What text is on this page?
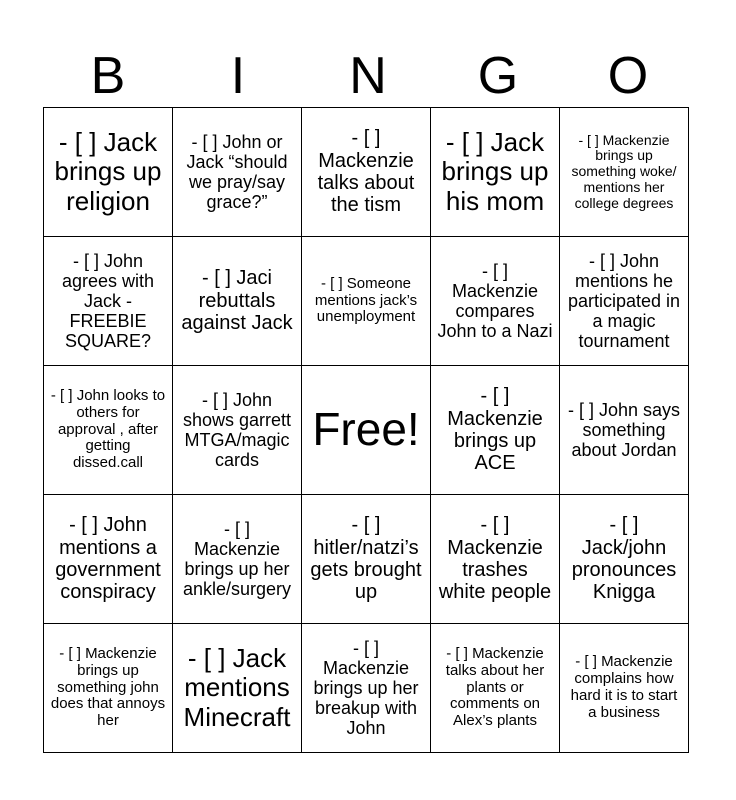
B	I	N	G	O
- [ ] Jack brings up religion	- [ ] John or Jack “should we pray/say grace?”	- [ ] Mackenzie talks about the tism	- [ ] Jack brings up his mom	- [ ] Mackenzie brings up something woke/ mentions her college degrees
- [ ] John agrees with Jack - FREEBIE SQUARE?	- [ ] Jaci rebuttals against Jack	- [ ] Someone mentions jack’s unemployment	- [ ] Mackenzie compares John to a Nazi	- [ ] John mentions he participated in a magic tournament
- [ ] John looks to others for approval , after getting dissed.call	- [ ] John shows garrett MTGA/magic cards	Free!	- [ ] Mackenzie brings up ACE	- [ ] John says something about Jordan
- [ ] John mentions a government conspiracy	- [ ] Mackenzie brings up her ankle/surgery	- [ ] hitler/natzi’s gets brought up	- [ ] Mackenzie trashes white people	- [ ] Jack/john pronounces Knigga
- [ ] Mackenzie brings up something john does that annoys her	- [ ] Jack mentions Minecraft	- [ ] Mackenzie brings up her breakup with John	- [ ] Mackenzie talks about her plants or comments on Alex’s plants	- [ ] Mackenzie complains how hard it is to start a business
